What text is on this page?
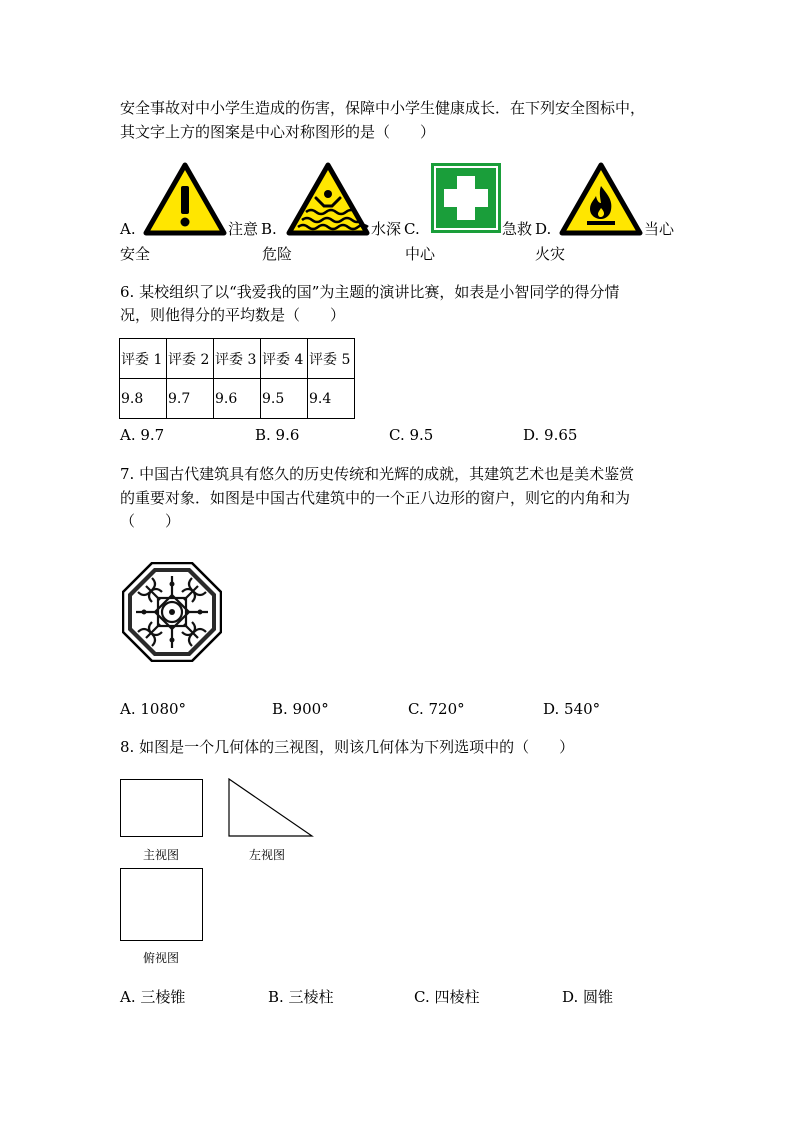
安全事故对中小学生造成的伤害，保障中小学生健康成长．在下列安全图标中，
其文字上方的图案是中心对称图形的是（　　）
A.	注意 B.
安全
水深 C.
危险
急救 D.
中心
当心
火灾
6. 某校组织了以“我爱我的国”为主题的演讲比赛，如表是小智同学的得分情
况，则他得分的平均数是（　　）
评委 1	评委 2	评委 3	评委 4	评委 5
9.8	9.7	9.6	9.5	9.4
A. 9.7	B. 9.6	C. 9.5	D. 9.65
7. 中国古代建筑具有悠久的历史传统和光辉的成就，其建筑艺术也是美术鉴赏
的重要对象．如图是中国古代建筑中的一个正八边形的窗户，则它的内角和为
（　　）
A. 1080°	B. 900°	C. 720°	D. 540°
8. 如图是一个几何体的三视图，则该几何体为下列选项中的（　　）
主视图	左视图
俯视图
A. 三棱锥	B. 三棱柱	C. 四棱柱	D. 圆锥
